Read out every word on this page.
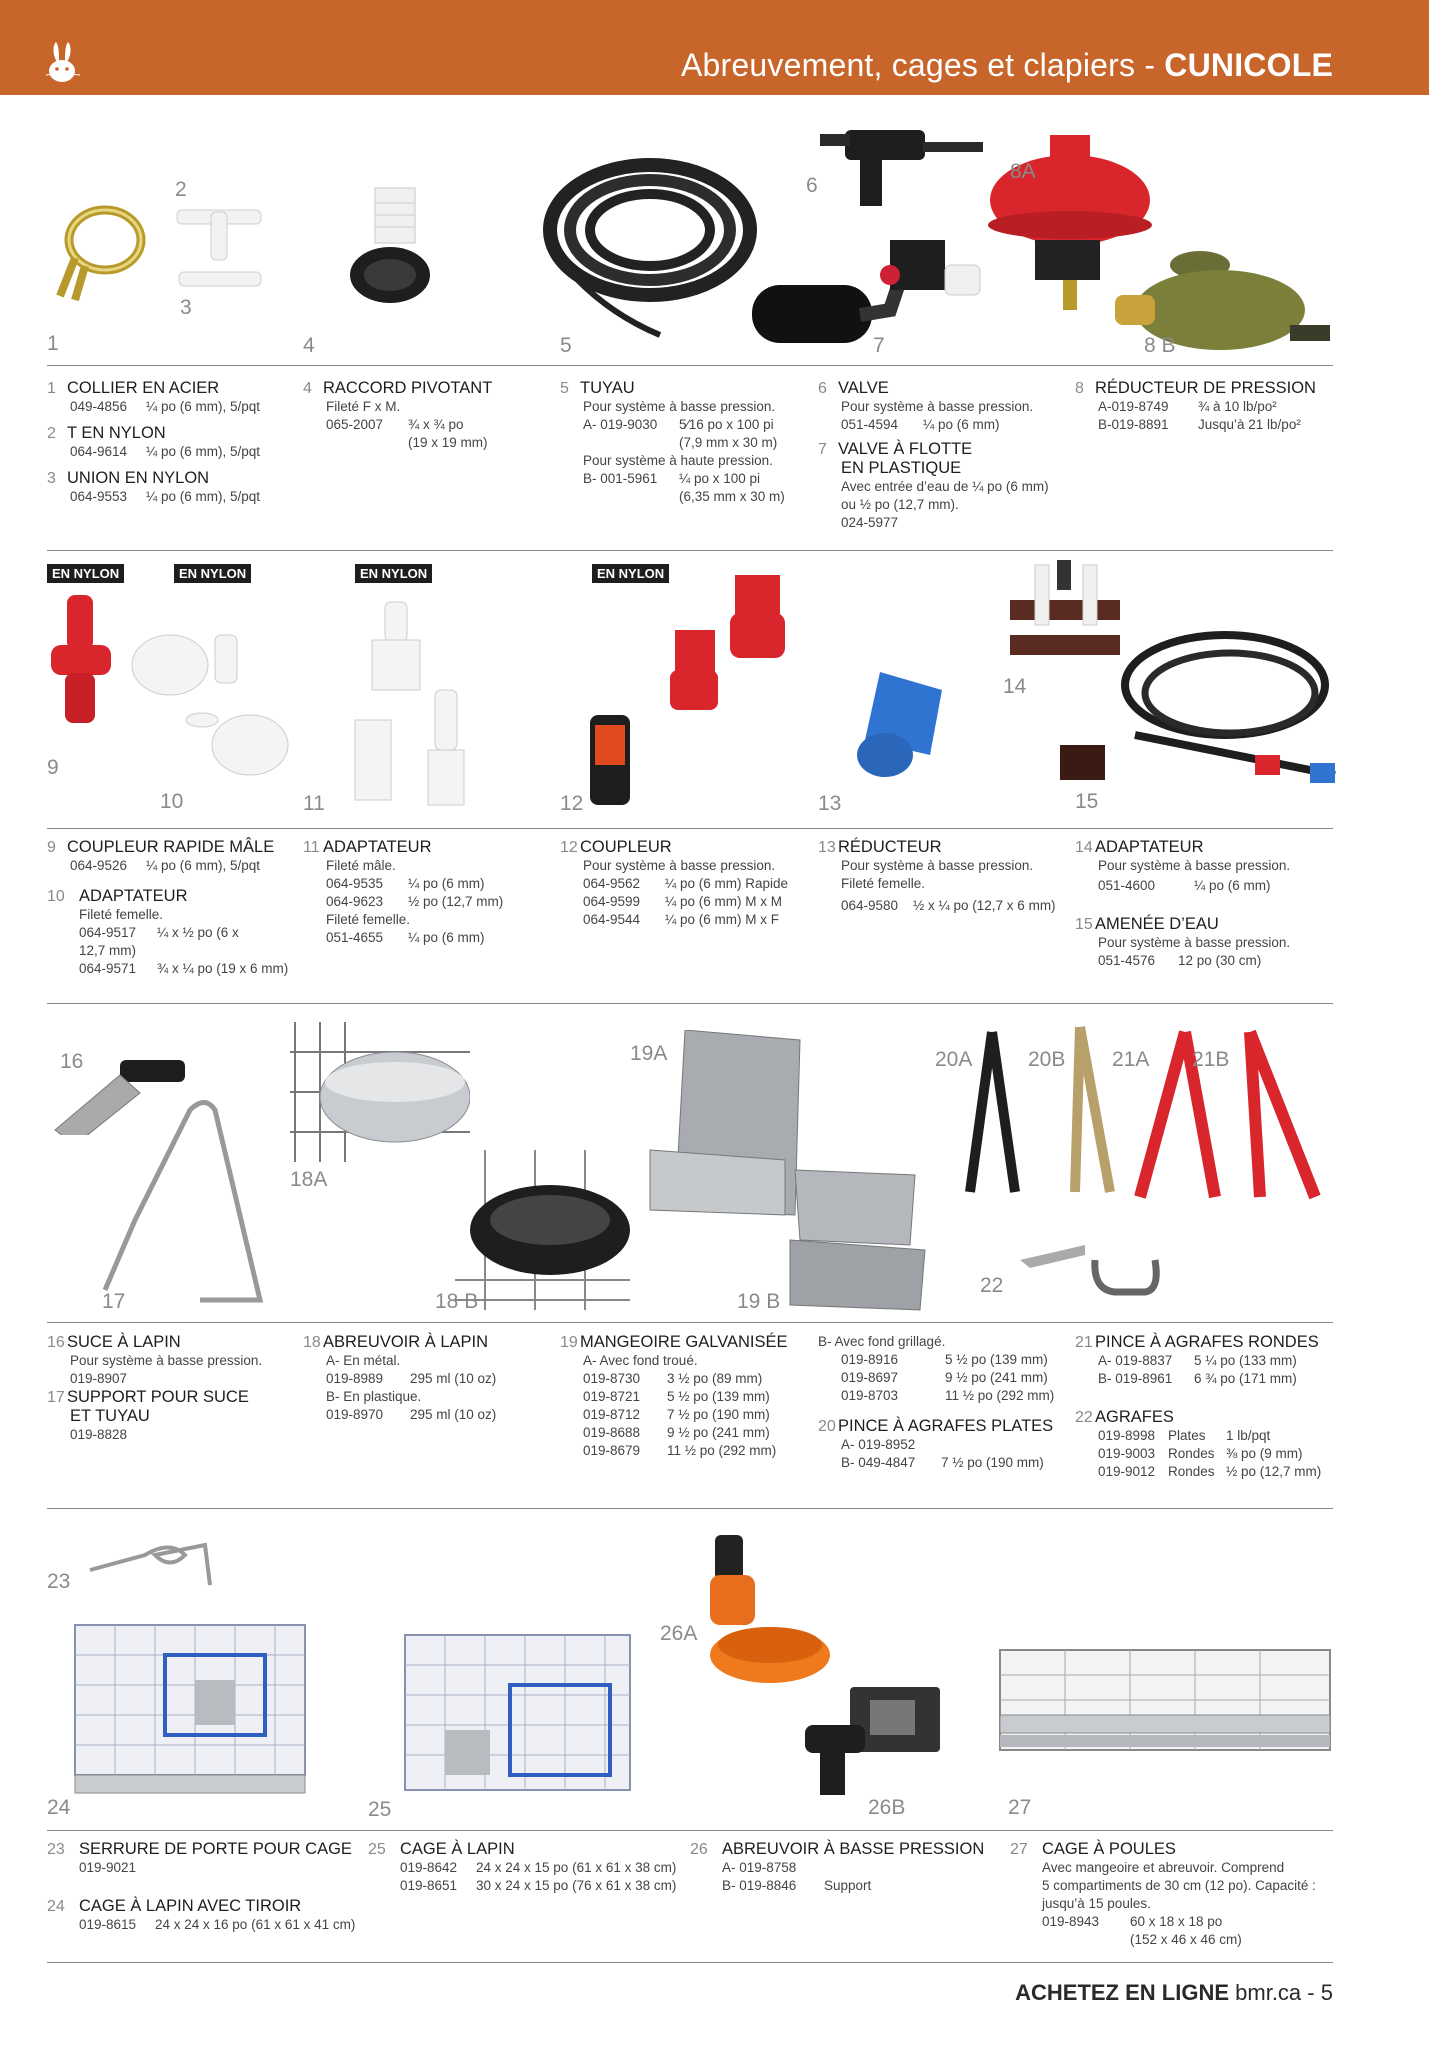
Abreuvement, cages et clapiers - CUNICOLE
1
2
3
4	5
6
7
8A
8 B
1 COLLIER EN ACIER
049-4856 ¼ po (6 mm), 5/pqt
2 T EN NYLON
064-9614 ¼ po (6 mm), 5/pqt
3 UNION EN NYLON
064-9553 ¼ po (6 mm), 5/pqt
4 RACCORD PIVOTANT
Fileté F x M.
065-2007 ¾ x ¾ po
(19 x 19 mm)
5 TUYAU
Pour système à basse pression.
A- 019-9030 5⁄16 po x 100 pi
(7,9 mm x 30 m)
Pour système à haute pression.
B- 001-5961 ¼ po x 100 pi
(6,35 mm x 30 m)
6 VALVE
Pour système à basse pression.
051-4594 ¼ po (6 mm)
7 VALVE À FLOTTE
EN PLASTIQUE
Avec entrée d’eau de ¼ po (6 mm)
ou ½ po (12,7 mm).
024-5977
8 RÉDUCTEUR DE PRESSION
A-019-8749 ¾ à 10 lb/po²
B-019-8891 Jusqu’à 21 lb/po²
EN NYLON	EN NYLON	EN NYLON	EN NYLON
9
10	11	12	13
14
15
9 COUPLEUR RAPIDE MÂLE
064-9526 ¼ po (6 mm), 5/pqt
10 ADAPTATEUR
Fileté femelle.
064-9517 ¼ x ½ po (6 x
12,7 mm)
064-9571 ¾ x ¼ po (19 x 6 mm)
11 ADAPTATEUR
Fileté mâle.
064-9535 ¼ po (6 mm)
064-9623 ½ po (12,7 mm)
Fileté femelle.
051-4655 ¼ po (6 mm)
12 COUPLEUR
Pour système à basse pression.
064-9562 ¼ po (6 mm) Rapide
064-9599 ¼ po (6 mm) M x M
064-9544 ¼ po (6 mm) M x F
13 RÉDUCTEUR
Pour système à basse pression.
Fileté femelle.
064-9580 ½ x ¼ po (12,7 x 6 mm)
14 ADAPTATEUR
Pour système à basse pression.
051-4600	¼ po (6 mm)
15 AMENÉE D’EAU
Pour système à basse pression.
051-4576 12 po (30 cm)
16
17
18A
18 B
19A
19 B
20A	20B 21A 21B
22
16 SUCE À LAPIN
Pour système à basse pression.
019-8907
17 SUPPORT POUR SUCE
ET TUYAU
019-8828
18 ABREUVOIR À LAPIN
A- En métal.
019-8989 295 ml (10 oz)
B- En plastique.
019-8970 295 ml (10 oz)
19 MANGEOIRE GALVANISÉE
A- Avec fond troué.
019-8730 3 ½ po (89 mm)
019-8721 5 ½ po (139 mm)
019-8712 7 ½ po (190 mm)
019-8688 9 ½ po (241 mm)
019-8679 11 ½ po (292 mm)
B- Avec fond grillagé.
019-8916	5 ½ po (139 mm)
019-8697	9 ½ po (241 mm)
019-8703	11 ½ po (292 mm)
20 PINCE À AGRAFES PLATES
A- 019-8952
B- 049-4847 7 ½ po (190 mm)
21 PINCE À AGRAFES RONDES
A- 019-8837 5 ¼ po (133 mm)
B- 019-8961 6 ¾ po (171 mm)
22 AGRAFES
019-8998 Plates 1 lb/pqt
019-9003 Rondes ⅜ po (9 mm)
019-9012 Rondes ½ po (12,7 mm)
23
24	25
26A
26B	27
23 SERRURE DE PORTE POUR CAGE
019-9021
24 CAGE À LAPIN AVEC TIROIR
019-8615 24 x 24 x 16 po (61 x 61 x 41 cm)
25 CAGE À LAPIN
019-8642 24 x 24 x 15 po (61 x 61 x 38 cm)
019-8651 30 x 24 x 15 po (76 x 61 x 38 cm)
26 ABREUVOIR À BASSE PRESSION
A- 019-8758
B- 019-8846 Support
27 CAGE À POULES
Avec mangeoire et abreuvoir. Comprend
5 compartiments de 30 cm (12 po). Capacité :
jusqu’à 15 poules.
019-8943 60 x 18 x 18 po
(152 x 46 x 46 cm)
ACHETEZ EN LIGNE bmr.ca - 5
